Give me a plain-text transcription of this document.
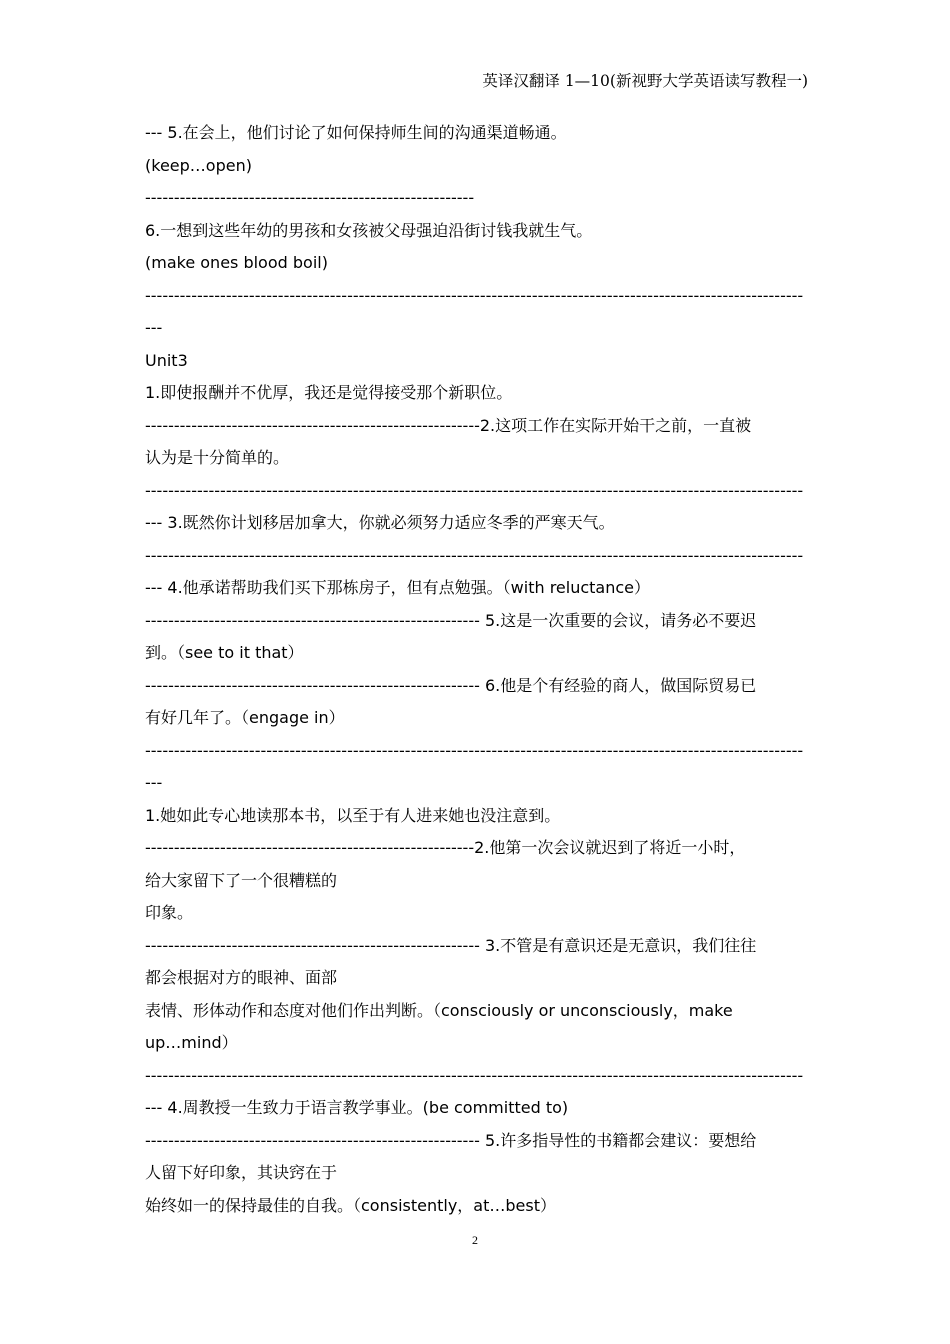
英译汉翻译 1—10(新视野大学英语读写教程一)
--- 5.在会上，他们讨论了如何保持师生间的沟通渠道畅通。
(keep…open)
---------------------------------------------------------
6.一想到这些年幼的男孩和女孩被父母强迫沿街讨钱我就生气。
(make ones blood boil)
------------------------------------------------------------------------------------------------------------------
---
Unit3
1.即使报酬并不优厚，我还是觉得接受那个新职位。
----------------------------------------------------------2.这项工作在实际开始干之前，一直被
认为是十分简单的。
------------------------------------------------------------------------------------------------------------------
--- 3.既然你计划移居加拿大，你就必须努力适应冬季的严寒天气。
------------------------------------------------------------------------------------------------------------------
--- 4.他承诺帮助我们买下那栋房子，但有点勉强。（with reluctance）
---------------------------------------------------------- 5.这是一次重要的会议，请务必不要迟
到。（see to it that）
---------------------------------------------------------- 6.他是个有经验的商人，做国际贸易已
有好几年了。（engage in）
------------------------------------------------------------------------------------------------------------------
---
1.她如此专心地读那本书，以至于有人进来她也没注意到。
---------------------------------------------------------2.他第一次会议就迟到了将近一小时，
给大家留下了一个很糟糕的
印象。
---------------------------------------------------------- 3.不管是有意识还是无意识，我们往往
都会根据对方的眼神、面部
表情、形体动作和态度对他们作出判断。（consciously or unconsciously，make
up…mind）
------------------------------------------------------------------------------------------------------------------
--- 4.周教授一生致力于语言教学事业。(be committed to)
---------------------------------------------------------- 5.许多指导性的书籍都会建议：要想给
人留下好印象，其诀窍在于
始终如一的保持最佳的自我。（consistently，at…best）
2
